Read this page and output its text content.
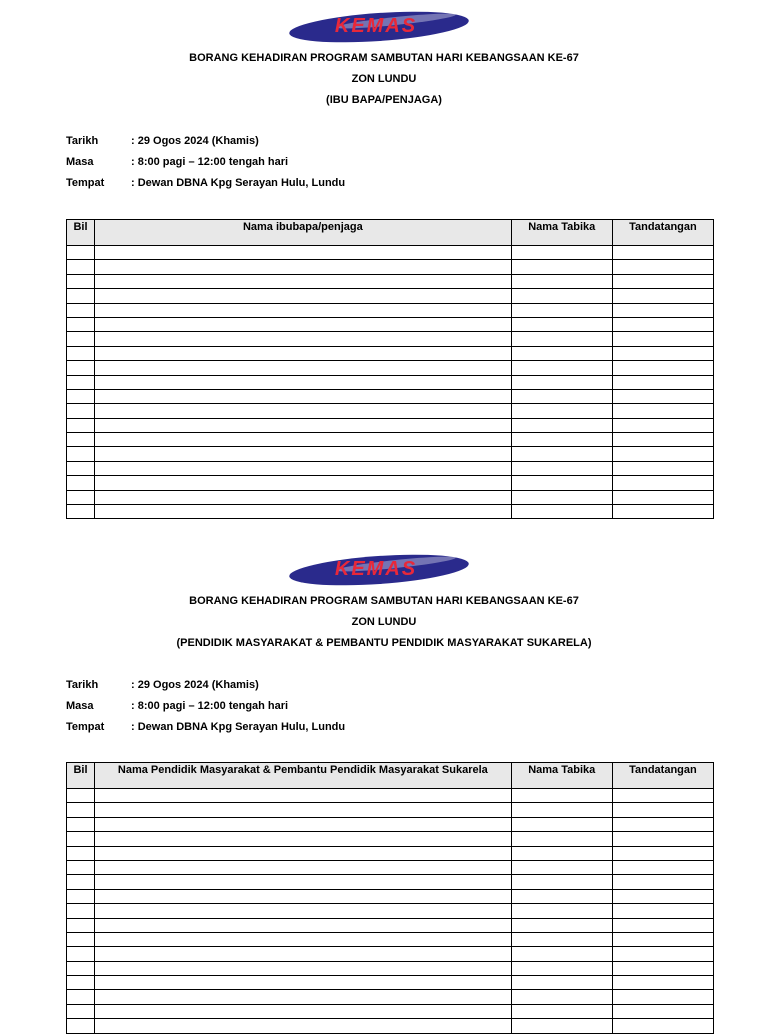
KEMAS
BORANG KEHADIRAN PROGRAM SAMBUTAN HARI KEBANGSAAN KE-67
ZON LUNDU
(IBU BAPA/PENJAGA)
Tarikh	: 29 Ogos 2024 (Khamis)
Masa	: 8:00 pagi – 12:00 tengah hari
Tempat : Dewan DBNA Kpg Serayan Hulu, Lundu
Bil	Nama ibubapa/penjaga	Nama Tabika	Tandatangan

KEMAS
BORANG KEHADIRAN PROGRAM SAMBUTAN HARI KEBANGSAAN KE-67
ZON LUNDU
(PENDIDIK MASYARAKAT & PEMBANTU PENDIDIK MASYARAKAT SUKARELA)
Tarikh	: 29 Ogos 2024 (Khamis)
Masa	: 8:00 pagi – 12:00 tengah hari
Tempat : Dewan DBNA Kpg Serayan Hulu, Lundu
Bil	Nama Pendidik Masyarakat & Pembantu Pendidik Masyarakat Sukarela	Nama Tabika	Tandatangan
